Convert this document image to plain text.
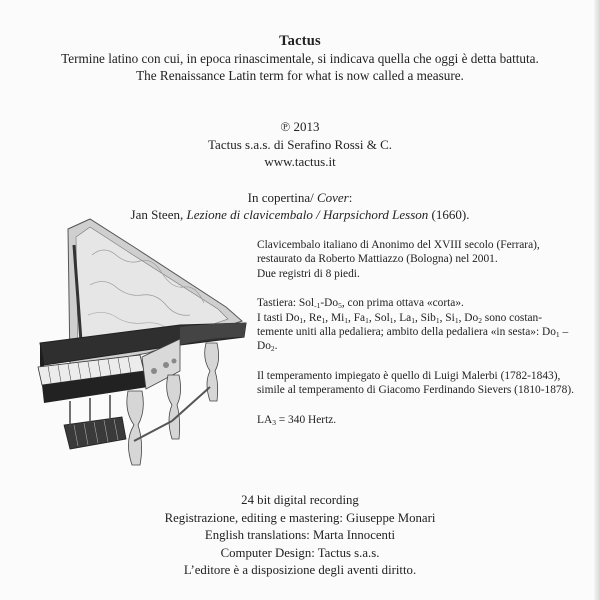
Tactus
Termine latino con cui, in epoca rinascimentale, si indicava quella che oggi è detta battuta.
The Renaissance Latin term for what is now called a measure.
℗ 2013
Tactus s.a.s. di Serafino Rossi & C.
www.tactus.it
In copertina/ Cover:
Jan Steen, Lezione di clavicembalo / Harpsichord Lesson (1660).

Clavicembalo italiano di Anonimo del XVIII secolo (Ferrara), restaurato da Roberto Mattiazzo (Bologna) nel 2001.

Due registri di 8 piedi.

Tastiera: $Sol_{-1}-Do_5$, con prima ottava «corta».

I tasti $Do_1$, $Re_1$, $Mi_1$, $Fa_1$, Sol$_1$, $La_1$, Sib$_1$, $Si_1$, $Do_2$ sono costan- temente uniti alla pedaliera; ambito della pedaliera «in sesta»: $Do_1 - Do_2$.

Il temperamento impiegato è quello di Luigi Malerbi (1782-1843), simile al temperamento di Giacomo Ferdinando Sievers (1810-1878).

$LA_3 = 340$ Hertz.

24 bit digital recording
Registrazione, editing e mastering: Giuseppe Monari
English translations: Marta Innocenti
Computer Design: Tactus s.a.s.
L’editore è a disposizione degli aventi diritto.
